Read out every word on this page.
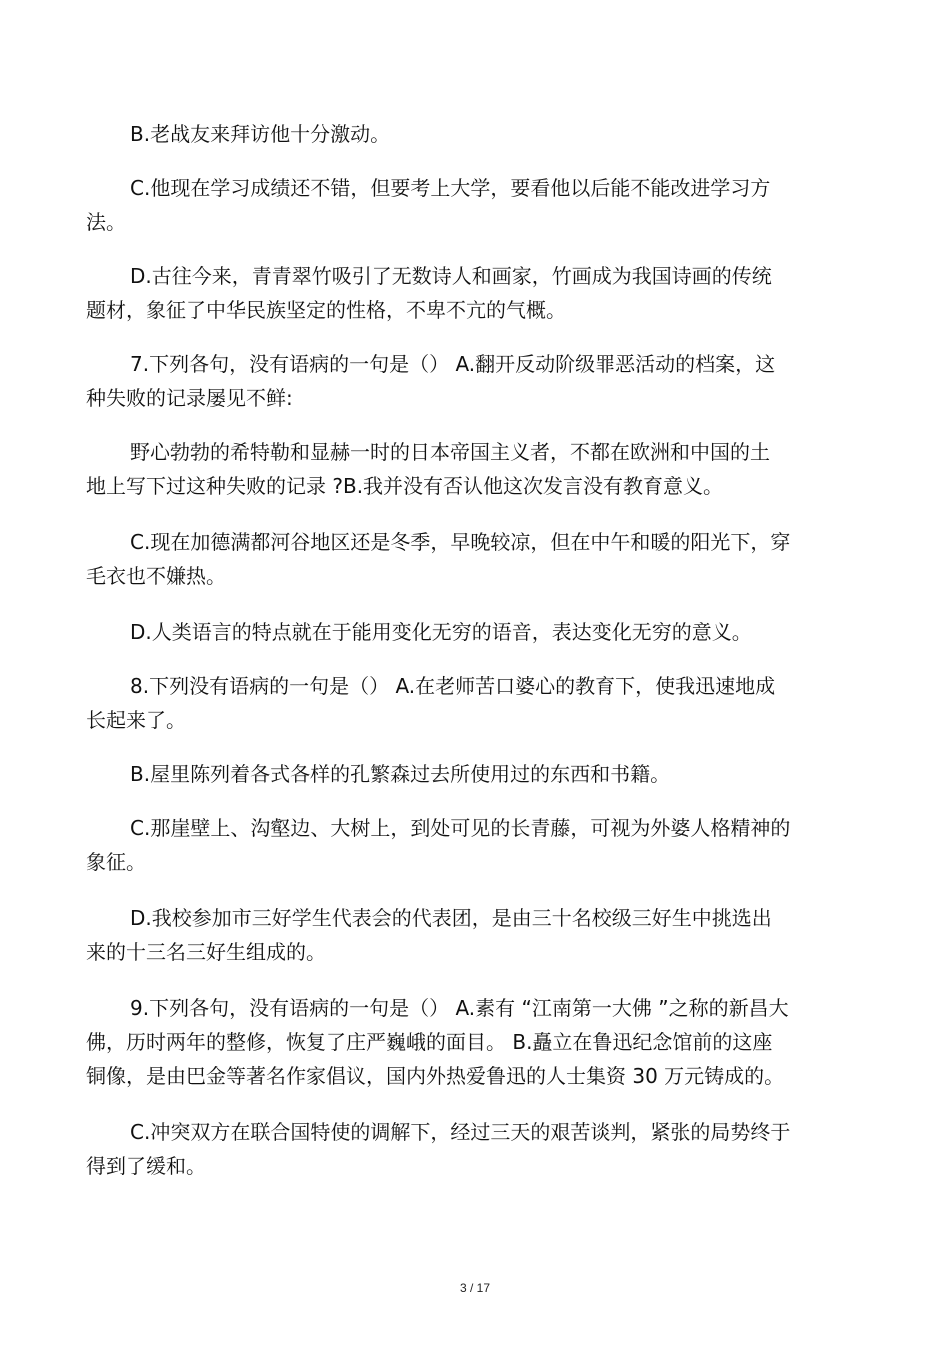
B.老战友来拜访他十分激动。
C.他现在学习成绩还不错，但要考上大学，要看他以后能不能改进学习方
法。
D.古往今来，青青翠竹吸引了无数诗人和画家，竹画成为我国诗画的传统
题材，象征了中华民族坚定的性格，不卑不亢的气概。
7.下列各句，没有语病的一句是（） A.翻开反动阶级罪恶活动的档案，这
种失败的记录屡见不鲜:
野心勃勃的希特勒和显赫一时的日本帝国主义者，不都在欧洲和中国的土
地上写下过这种失败的记录 ?B.我并没有否认他这次发言没有教育意义。
C.现在加德满都河谷地区还是冬季，早晚较凉，但在中午和暖的阳光下，穿
毛衣也不嫌热。
D.人类语言的特点就在于能用变化无穷的语音，表达变化无穷的意义。
8.下列没有语病的一句是（） A.在老师苦口婆心的教育下，使我迅速地成
长起来了。
B.屋里陈列着各式各样的孔繁森过去所使用过的东西和书籍。
C.那崖壁上、沟壑边、大树上，到处可见的长青藤，可视为外婆人格精神的
象征。
D.我校参加市三好学生代表会的代表团，是由三十名校级三好生中挑选出
来的十三名三好生组成的。
9.下列各句，没有语病的一句是（） A.素有 “江南第一大佛 ”之称的新昌大
佛，历时两年的整修，恢复了庄严巍峨的面目。 B.矗立在鲁迅纪念馆前的这座
铜像，是由巴金等著名作家倡议，国内外热爱鲁迅的人士集资 30 万元铸成的。
C.冲突双方在联合国特使的调解下，经过三天的艰苦谈判，紧张的局势终于
得到了缓和。
3 / 17
